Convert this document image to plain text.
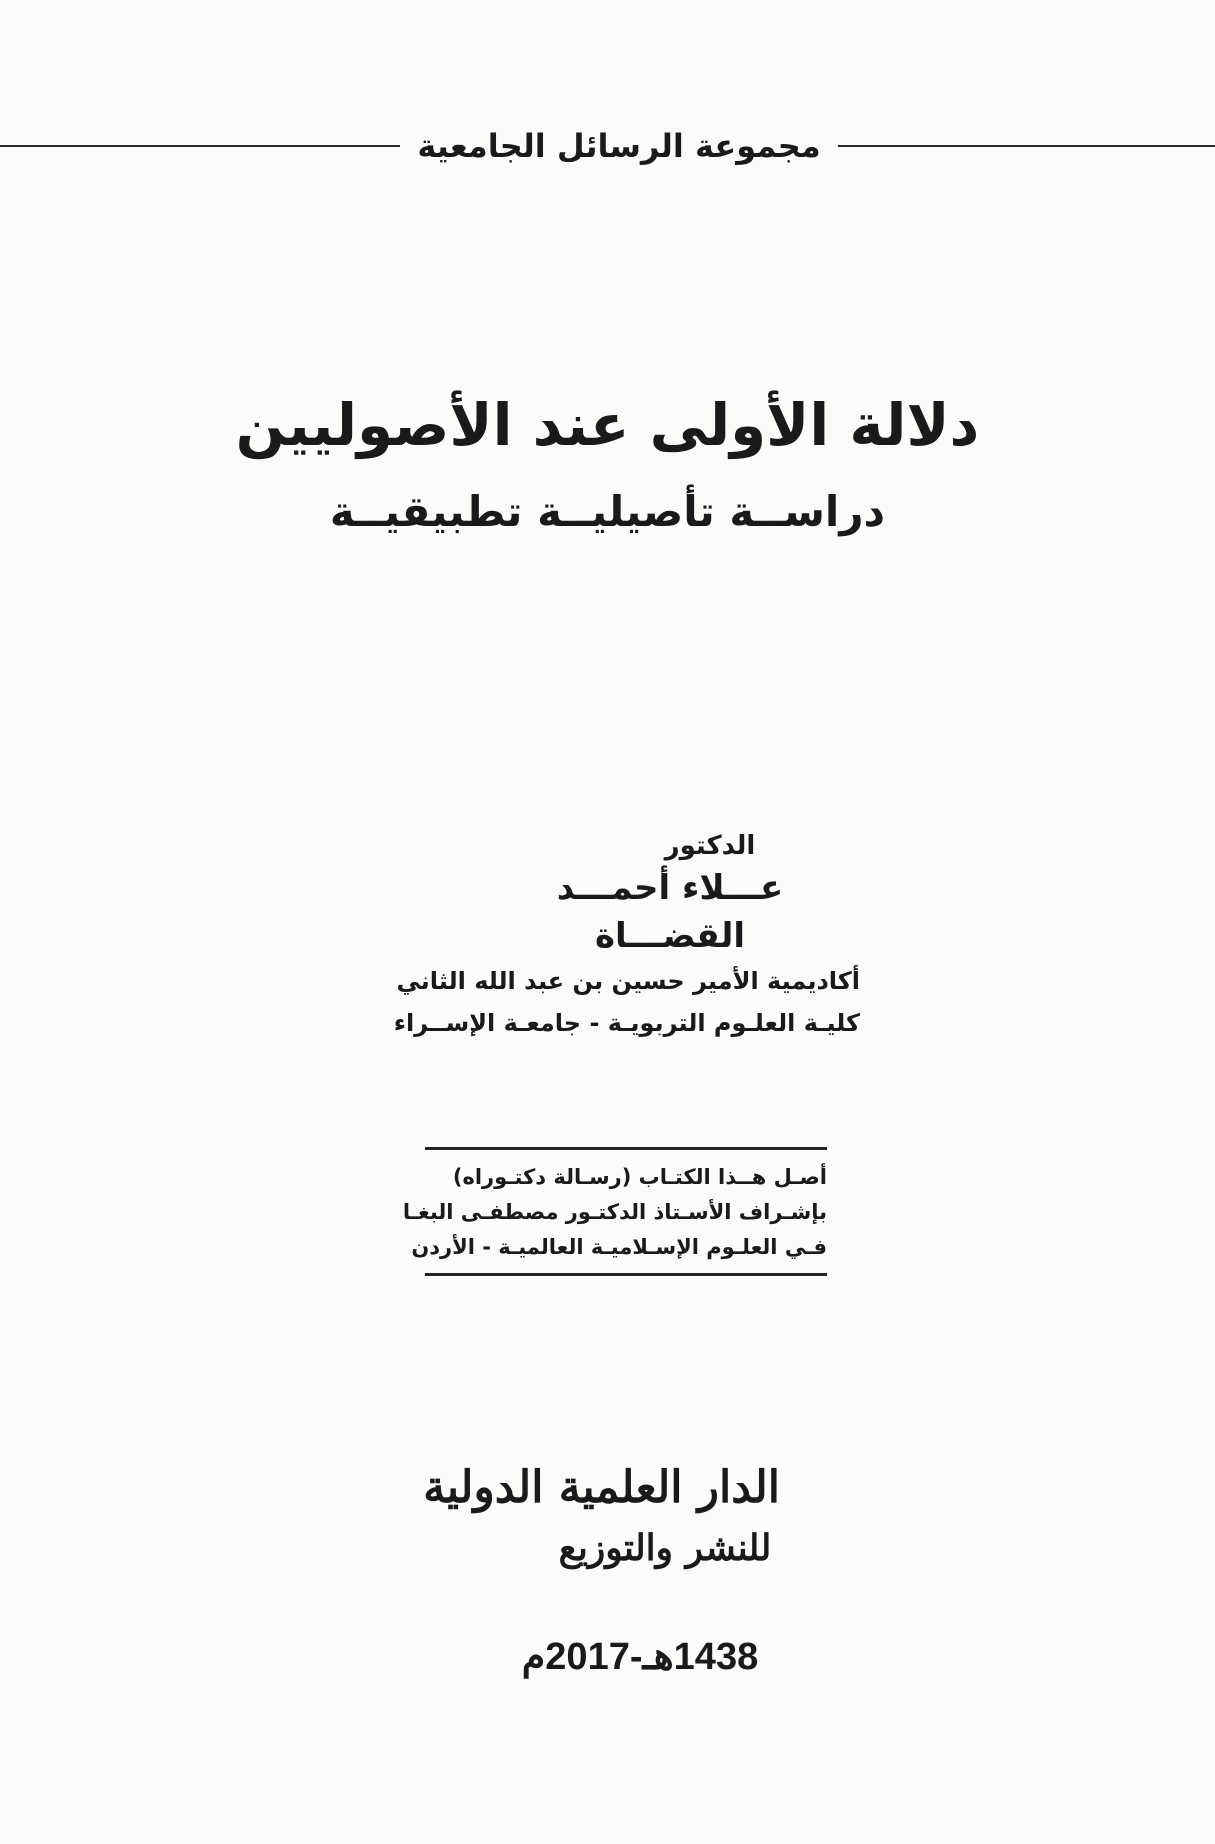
مجموعة الرسائل الجامعية
دلالة الأولى عند الأصوليين
دراســة تأصيليــة تطبيقيــة
الدكتور
عـــلاء أحمـــد القضـــاة
أكاديمية الأمير حسين بن عبد الله الثاني
كليـة العلـوم التربويـة - جامعـة الإســراء
أصـل هــذا الكتـاب (رسـالة دكتـوراه)
بإشـراف الأسـتاذ الدكتـور مصطفـى البغـا
فـي العلـوم الإسـلاميـة العالميـة - الأردن
الدار العلمية الدولية
للنشر والتوزيع
1438هـ-2017م
